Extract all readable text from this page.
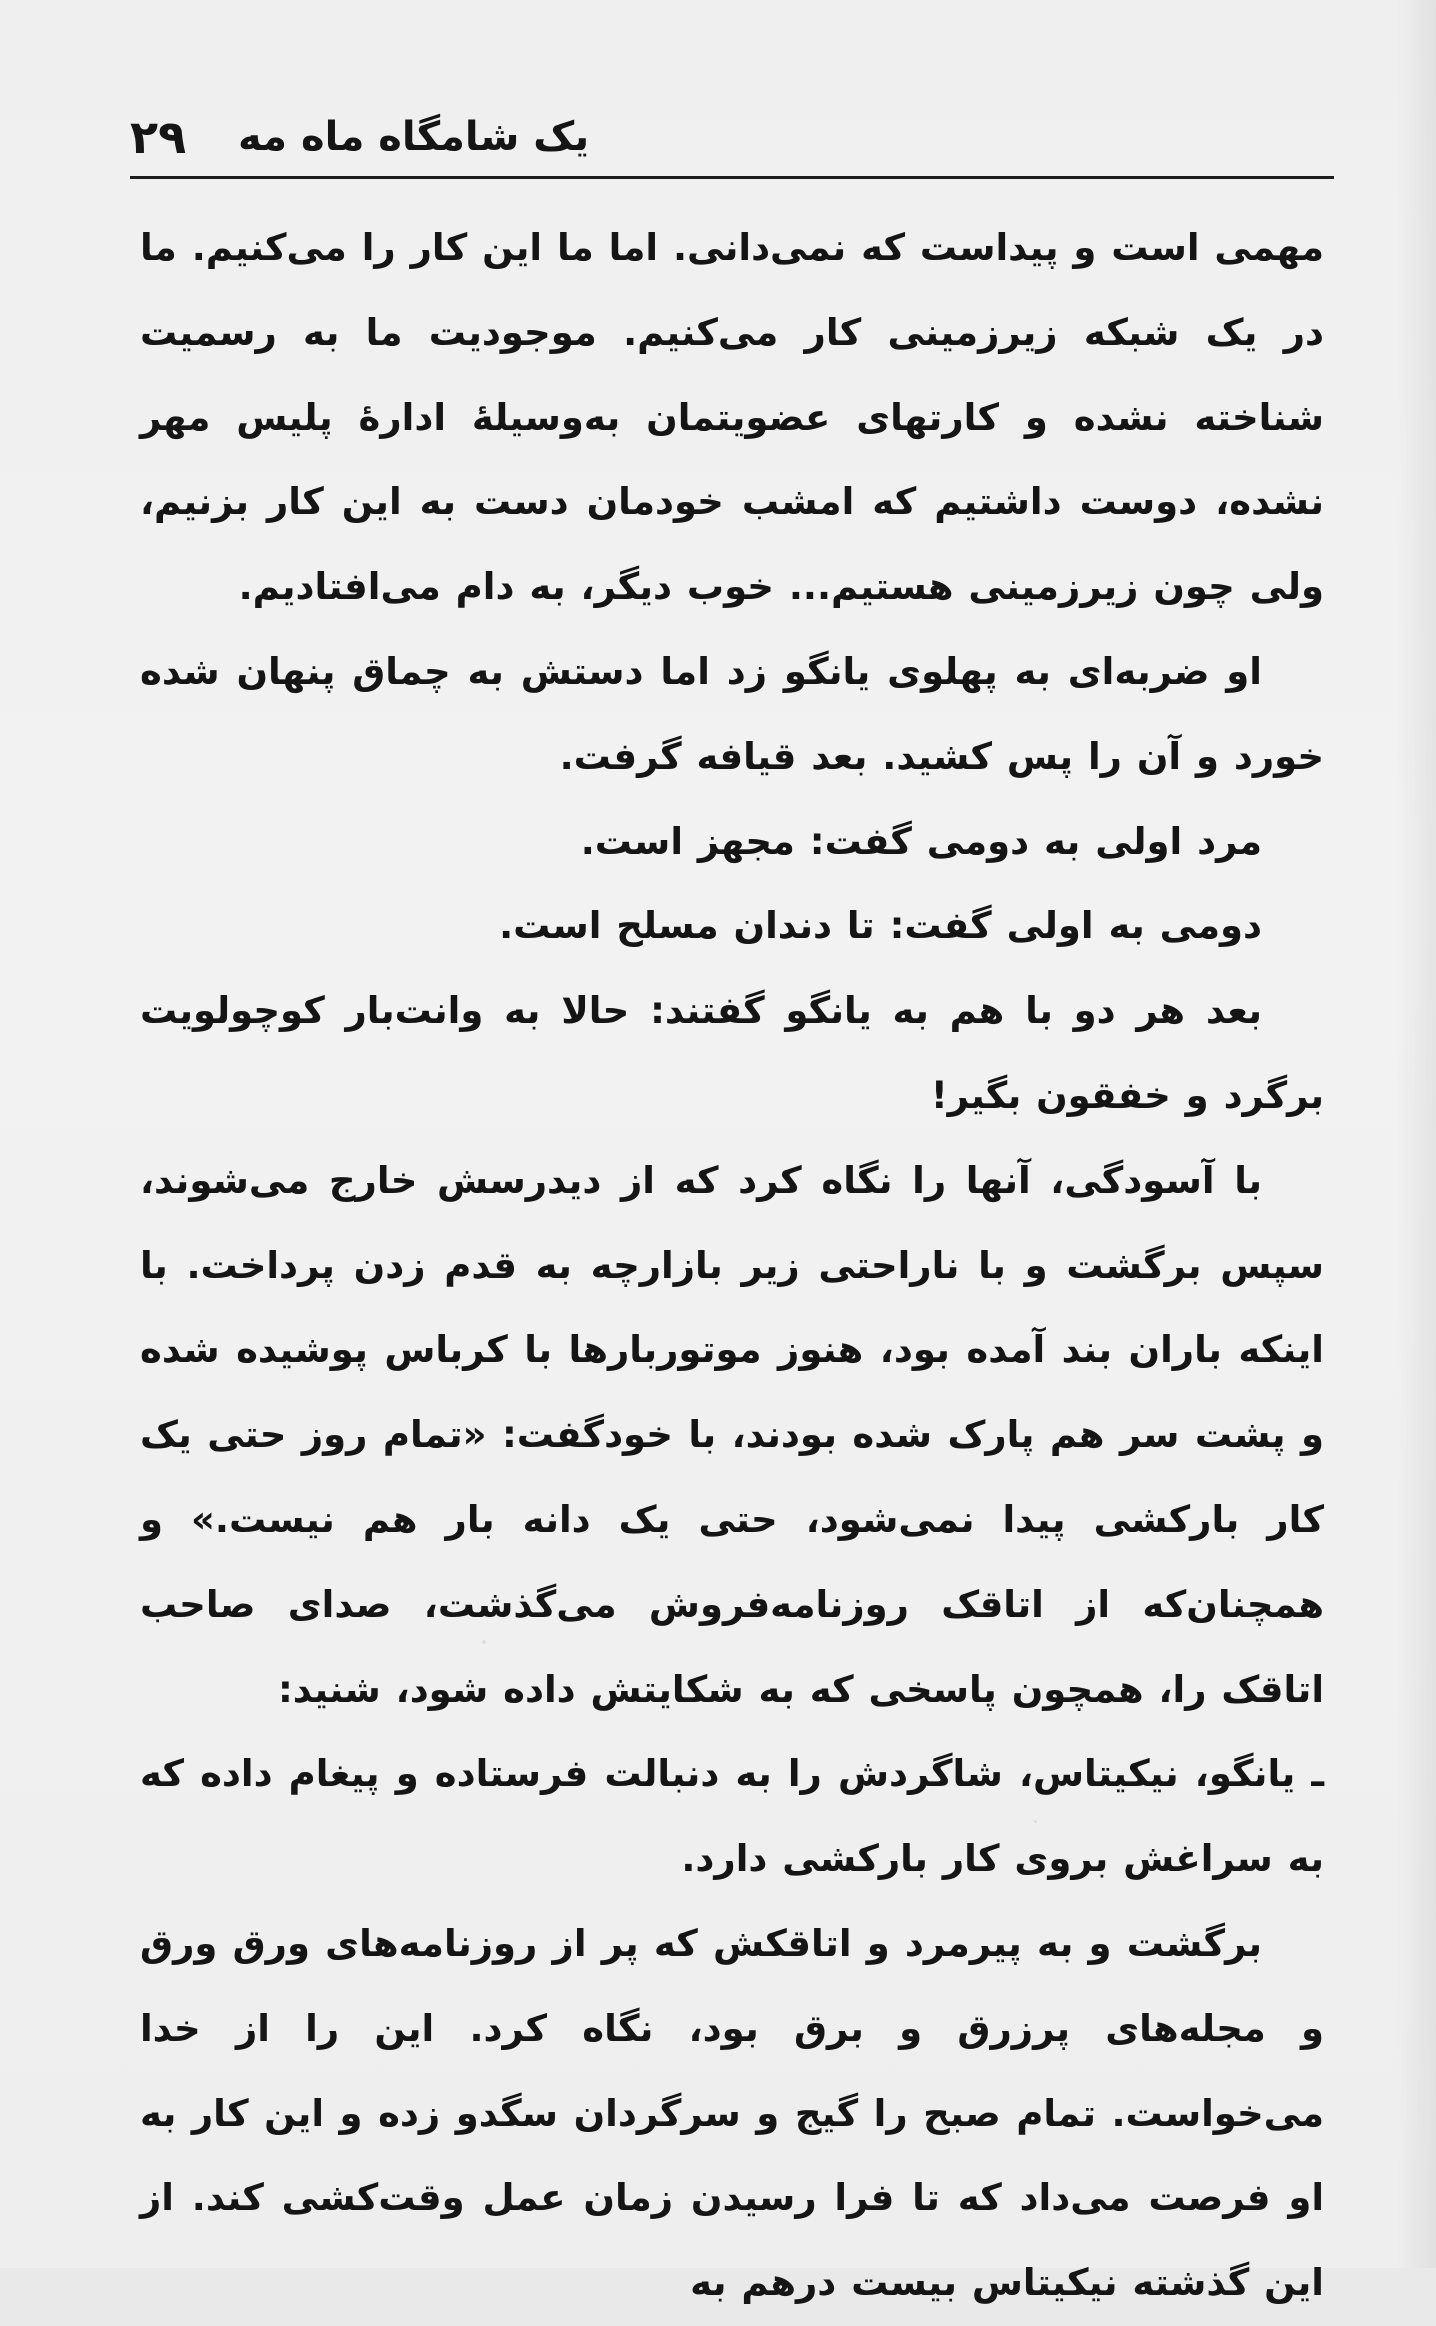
۲۹ یک شامگاه ماه مه

مهمی است و پیداست که نمی‌دانی. اما ما این کار را می‌کنیم. ما در یک شبکه زیرزمینی کار می‌کنیم. موجودیت ما به رسمیت شناخته نشده و کارتهای عضویتمان به‌وسیلهٔ ادارهٔ پلیس مهر نشده، دوست داشتیم که امشب خودمان دست به این کار بزنیم، ولی چون زیرزمینی هستیم... خوب دیگر، به دام می‌افتادیم.

او ضربه‌ای به پهلوی یانگو زد اما دستش به چماق پنهان شده خورد و آن را پس کشید. بعد قیافه گرفت.

مرد اولی به دومی گفت: مجهز است.

دومی به اولی گفت: تا دندان مسلح است.

بعد هر دو با هم به یانگو گفتند: حالا به وانت‌بار کوچولویت برگرد و خفقون بگیر!

با آسودگی، آنها را نگاه کرد که از دیدرسش خارج می‌شوند، سپس برگشت و با ناراحتی زیر بازارچه به قدم زدن پرداخت. با اینکه باران بند آمده بود، هنوز موتوربارها با کرباس پوشیده شده و پشت سر هم پارک شده بودند، با خودگفت: «تمام روز حتی یک کار بارکشی پیدا نمی‌شود، حتی یک دانه بار هم نیست.» و همچنان‌که از اتاقک روزنامه‌فروش می‌گذشت، صدای صاحب اتاقک را، همچون پاسخی که به شکایتش داده شود، شنید:

ـ یانگو، نیکیتاس، شاگردش را به دنبالت فرستاده و پیغام داده که به سراغش بروی کار بارکشی دارد.

برگشت و به پیرمرد و اتاقکش که پر از روزنامه‌های ورق ورق و مجله‌های پرزرق و برق بود، نگاه کرد. این را از خدا می‌خواست. تمام صبح را گیج و سرگردان سگدو زده و این کار به او فرصت می‌داد که تا فرا رسیدن زمان عمل وقت‌کشی کند. از این گذشته نیکیتاس بیست درهم به
